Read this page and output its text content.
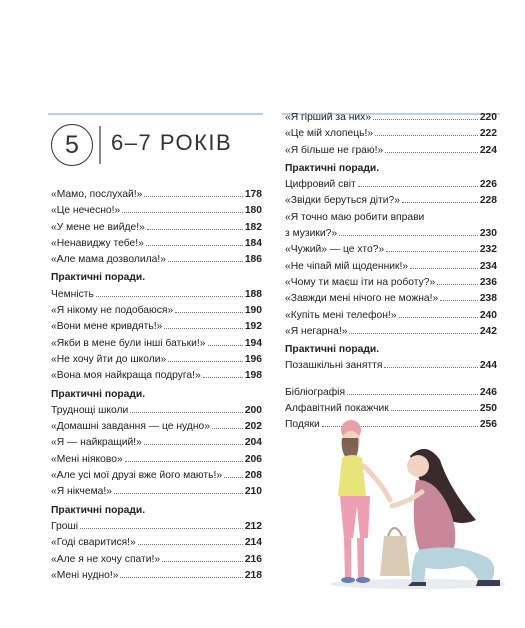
5	6–7 РОКІВ
«Мамо, послухай!»	178
«Це нечесно!»	180
«У мене не вийде!»	182
«Ненавиджу тебе!»	184
«Але мама дозволила!»	186
Практичні поради.
Чемність	188
«Я нікому не подобаюся»	190
«Вони мене кривдять!»	192
«Якби в мене були інші батьки!»	194
«Не хочу йти до школи»	196
«Вона моя найкраща подруга!»	198
Практичні поради.
Труднощі школи	200
«Домашні завдання — це нудно»	202
«Я — найкращий!»	204
«Мені ніяково»	206
«Але усі мої друзі вже його мають!» 208
«Я нікчема!»	210
Практичні поради.
Гроші	212
«Годі сваритися!»	214
«Але я не хочу спати!»	216
«Мені нудно!»	218
«Я гірший за них»	220
«Це мій хлопець!»	222
«Я більше не граю!»	224
Практичні поради.
Цифровий світ	226
«Звідки беруться діти?»	228
«Я точно маю робити вправи
з музики?»	230
«Чужий» — це хто?»	232
«Не чіпай мій щоденник!»	234
«Чому ти маєш іти на роботу?»	236
«Завжди мені нічого не можна!»	238
«Купіть мені телефон!»	240
«Я негарна!»	242
Практичні поради.
Позашкільні заняття	244
Бібліографія	246
Алфавітний покажчик	250
Подяки	256
